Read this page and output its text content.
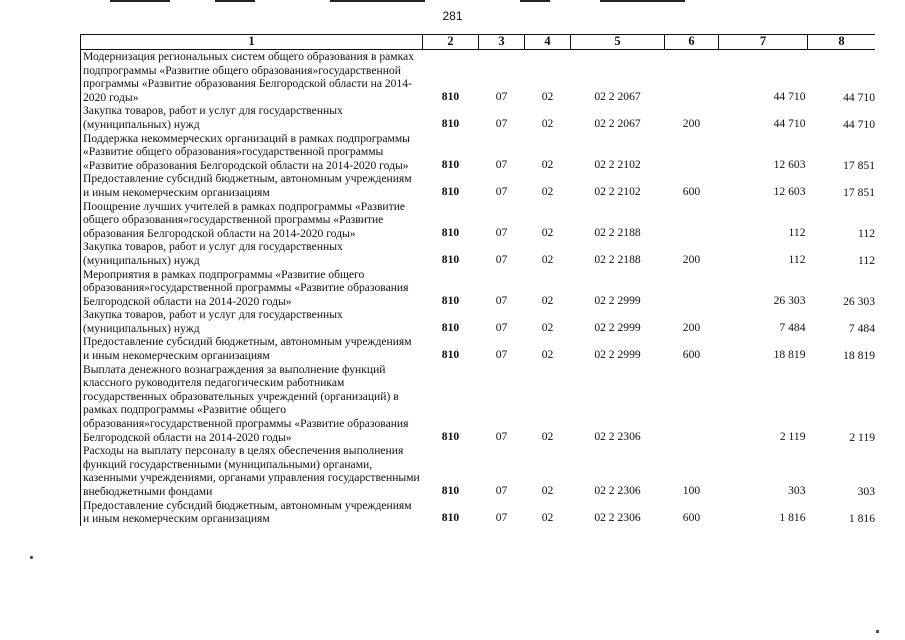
281
1	2	3	4	5	6	7	8
Модернизация региональных систем общего образования в рамках подпрограммы «Развитие общего образования»государственной программы «Развитие образования Белгородской области на 2014-2020 годы»	810	07	02	02 2 2067		44 710	44 710

Закупка товаров, работ и услуг для государственных (муниципальных) нужд	810	07	02	02 2 2067	200	44 710	44 710

Поддержка некоммерческих организаций в рамках подпрограммы «Развитие общего образования»государственной программы «Развитие образования Белгородской области на 2014-2020 годы»	810	07	02	02 2 2102		12 603	17 851

Предоставление субсидий бюджетным, автономным учреждениям и иным некомерческим организациям	810	07	02	02 2 2102	600	12 603	17 851

Поощрение лучших учителей в рамках подпрограммы «Развитие общего образования»государственной программы «Развитие образования Белгородской области на 2014-2020 годы»	810	07	02	02 2 2188		112	112

Закупка товаров, работ и услуг для государственных (муниципальных) нужд	810	07	02	02 2 2188	200	112	112

Мероприятия в рамках подпрограммы «Развитие общего образования»государственной программы «Развитие образования Белгородской области на 2014-2020 годы»	810	07	02	02 2 2999		26 303	26 303

Закупка товаров, работ и услуг для государственных (муниципальных) нужд	810	07	02	02 2 2999	200	7 484	7 484

Предоставление субсидий бюджетным, автономным учреждениям и иным некомерческим организациям	810	07	02	02 2 2999	600	18 819	18 819

Выплата денежного вознаграждения за выполнение функций классного руководителя педагогическим работникам государственных образовательных учреждений (организаций) в рамках подпрограммы «Развитие общего образования»государственной программы «Развитие образования Белгородской области на 2014-2020 годы»	810	07	02	02 2 2306		2 119	2 119

Расходы на выплату персоналу в целях обеспечения выполнения функций государственными (муниципальными) органами, казенными учреждениями, органами управления государственными внебюджетными фондами	810	07	02	02 2 2306	100	303	303

Предоставление субсидий бюджетным, автономным учреждениям и иным некомерческим организациям	810	07	02	02 2 2306	600	1 816	1 816
